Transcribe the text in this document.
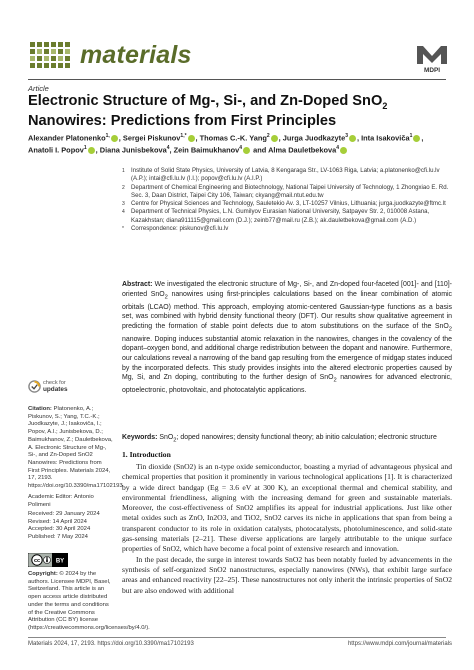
materials
MDPI
Article
Electronic Structure of Mg-, Si-, and Zn-Doped SnO$_2$ Nanowires: Predictions from First Principles
Alexander Platonenko$^{1,}$ , Sergei Piskunov$^{1,*}$ , Thomas C.-K. Yang$^2$ , Jurga Juodkazyte$^3$ , Inta Isakoviča$^1$ , Anatoli I. Popov$^1$ , Diana Junisbekova$^4$, Zein Baimukhanov$^4$ and Alma Dauletbekova$^4$
1 Institute of Solid State Physics, University of Latvia, 8 Kengaraga Str., LV-1063 Riga, Latvia; a.platonenko@cfi.lu.lv (A.P.); intai@cfi.lu.lv (I.I.); popov@cfi.lu.lv (A.I.P.)
2 Department of Chemical Engineering and Biotechnology, National Taipei University of Technology, 1 Zhongxiao E. Rd. Sec. 3, Daan District, Taipei City 106, Taiwan; ckyang@mail.ntut.edu.tw
3 Centre for Physical Sciences and Technology, Sauletekio Av. 3, LT-10257 Vilnius, Lithuania; jurga.juodkazyte@ftmc.lt
4 Department of Technical Physics, L.N. Gumilyov Eurasian National University, Satpayev Str. 2, 010008 Astana, Kazakhstan; diana911115@gmail.com (D.J.); zeinb77@mail.ru (Z.B.); ak.dauletbekova@gmail.com (A.D.)
* Correspondence: piskunov@cfi.lu.lv
Abstract: We investigated the electronic structure of Mg-, Si-, and Zn-doped four-faceted [001]- and [110]-oriented SnO$_2$ nanowires using first-principles calculations based on the linear combination of atomic orbitals (LCAO) method. This approach, employing atomic-centered Gaussian-type functions as a basis set, was combined with hybrid density functional theory (DFT). Our results show qualitative agreement in predicting the formation of stable point defects due to atom substitutions on the surface of the SnO$_2$ nanowire. Doping induces substantial atomic relaxation in the nanowires, changes in the covalency of the dopant–oxygen bond, and additional charge redistribution between the dopant and nanowire. Furthermore, our calculations reveal a narrowing of the band gap resulting from the emergence of midgap states induced by the incorporated defects. This study provides insights into the altered electronic properties caused by Mg, Si, and Zn doping, contributing to the further design of SnO$_2$ nanowires for advanced electronic, optoelectronic, photovoltaic, and photocatalytic applications.
Keywords: SnO$_2$; doped nanowires; density functional theory; ab initio calculation; electronic structure
check for
updates
Citation: Platonenko, A.; Piskunov, S.; Yang, T.C.-K.; Juodkazyte, J.; Isakoviča, I.; Popov, A.I.; Junisbekova, D.; Baimukhanov, Z.; Dauletbekova, A. Electronic Structure of Mg-, Si-, and Zn-Doped SnO2 Nanowires: Predictions from First Principles. Materials 2024, 17, 2193. https://doi.org/10.3390/ma17102193
Academic Editor: Antonio Polimeni
Received: 29 January 2024
Revised: 14 April 2024
Accepted: 30 April 2024
Published: 7 May 2024
cc	BY
Copyright: © 2024 by the authors. Licensee MDPI, Basel, Switzerland. This article is an open access article distributed under the terms and conditions of the Creative Commons Attribution (CC BY) license (https://creativecommons.org/licenses/by/4.0/).
1. Introduction

Tin dioxide (SnO2) is an n-type oxide semiconductor, boasting a myriad of advantageous physical and chemical properties that position it prominently in various technological applications [1]. It is characterized by a wide direct bandgap (Eg = 3.6 eV at 300 K), an exceptional thermal and chemical stability, and environmental friendliness, aligning with the increasing demand for green and sustainable materials. Moreover, the cost-effectiveness of SnO2 amplifies its appeal for industrial applications. Just like other metal oxides such as ZnO, In2O3, and TiO2, SnO2 carves its niche in applications that span from being a transparent conductor to its role in oxidation catalysts, photocatalysts, photoluminescence, and solid-state gas-sensing materials [2–21]. These diverse applications are largely attributable to the unique surface properties of SnO2, which have become a focal point of extensive research and innovation.

In the past decade, the surge in interest towards SnO2 has been notably fueled by advancements in the synthesis of self-organized SnO2 nanostructures, especially nanowires (NWs), that exhibit large surface areas and enhanced reactivity [22–25]. These nanostructures not only inherit the intrinsic properties of SnO2 but are also endowed with additional

Materials 2024, 17, 2193. https://doi.org/10.3390/ma17102193	https://www.mdpi.com/journal/materials
